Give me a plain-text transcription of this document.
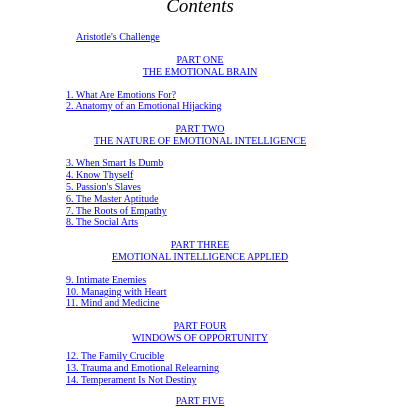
Contents
Aristotle's Challenge
PART ONE
THE EMOTIONAL BRAIN
1. What Are Emotions For?
2. Anatomy of an Emotional Hijacking
PART TWO
THE NATURE OF EMOTIONAL INTELLIGENCE
3. When Smart Is Dumb
4. Know Thyself
5. Passion's Slaves
6. The Master Aptitude
7. The Roots of Empathy
8. The Social Arts
PART THREE
EMOTIONAL INTELLIGENCE APPLIED
9. Intimate Enemies
10. Managing with Heart
11. Mind and Medicine
PART FOUR
WINDOWS OF OPPORTUNITY
12. The Family Crucible
13. Trauma and Emotional Relearning
14. Temperament Is Not Destiny
PART FIVE
